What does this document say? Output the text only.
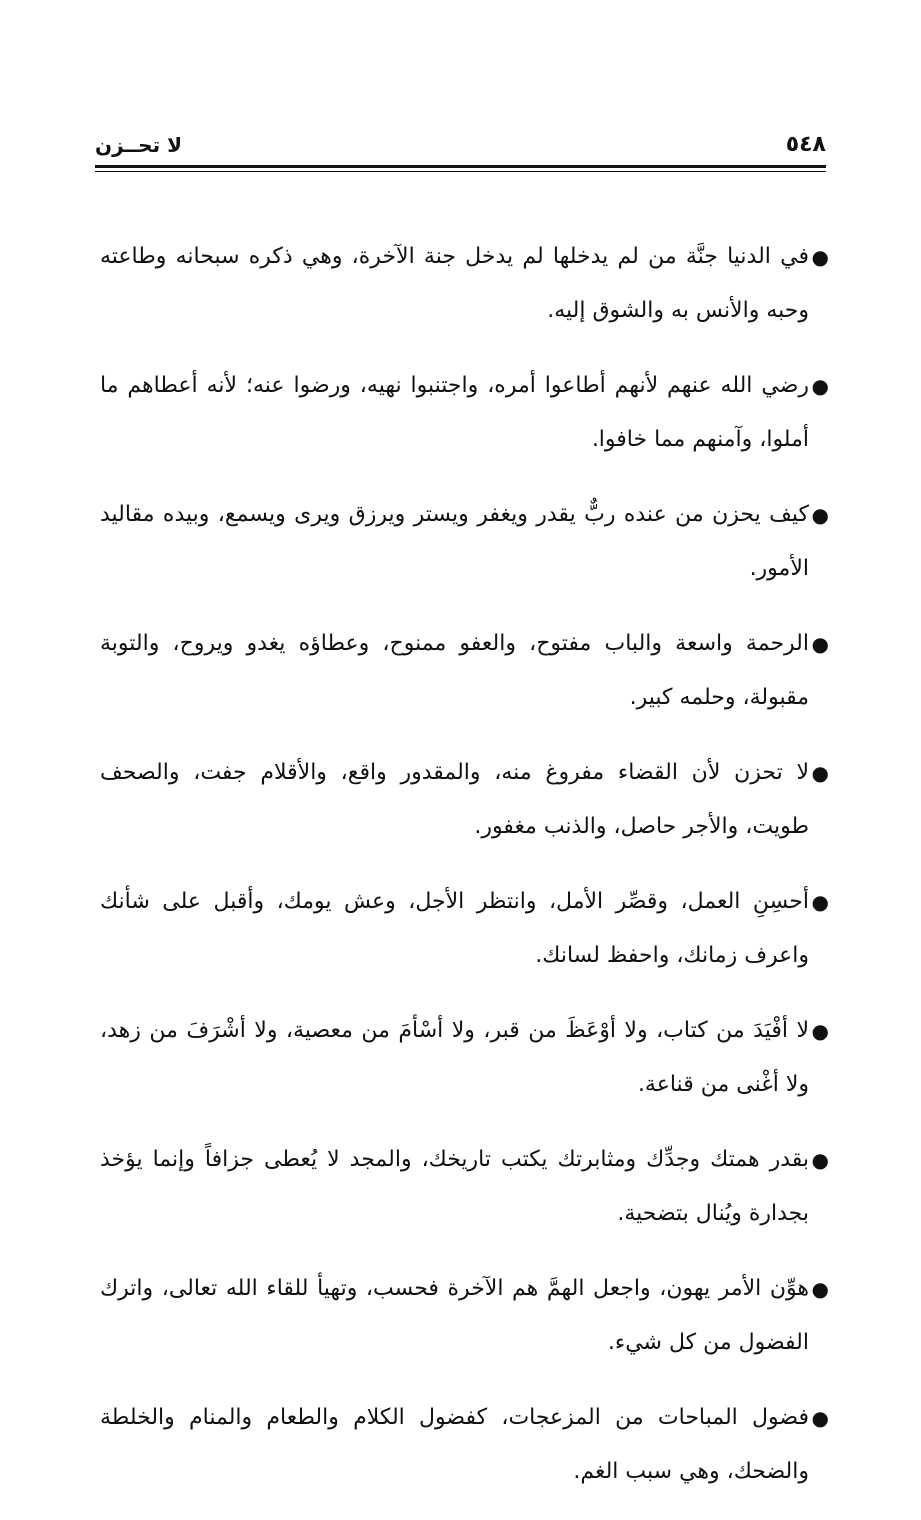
٥٤٨
لا تحــزن
●
في الدنيا جنَّة من لم يدخلها لم يدخل جنة الآخرة، وهي ذكره سبحانه وطاعته وحبه والأنس به والشوق إليه.
●
رضي الله عنهم لأنهم أطاعوا أمره، واجتنبوا نهيه، ورضوا عنه؛ لأنه أعطاهم ما أملوا، وآمنهم مما خافوا.
●
كيف يحزن من عنده ربٌّ يقدر ويغفر ويستر ويرزق ويرى ويسمع، وبيده مقاليد الأمور.
●
الرحمة واسعة والباب مفتوح، والعفو ممنوح، وعطاؤه يغدو ويروح، والتوبة مقبولة، وحلمه كبير.
●
لا تحزن لأن القضاء مفروغ منه، والمقدور واقع، والأقلام جفت، والصحف طويت، والأجر حاصل، والذنب مغفور.
●
أحسِنِ العمل، وقصِّر الأمل، وانتظر الأجل، وعش يومك، وأقبل على شأنك واعرف زمانك، واحفظ لسانك.
●
لا أفْيَدَ من كتاب، ولا أوْعَظَ من قبر، ولا أسْأمَ من معصية، ولا أشْرَفَ من زهد، ولا أغْنى من قناعة.
●
بقدر همتك وجدِّك ومثابرتك يكتب تاريخك، والمجد لا يُعطى جزافاً وإنما يؤخذ بجدارة ويُنال بتضحية.
●
هوِّن الأمر يهون، واجعل الهمَّ هم الآخرة فحسب، وتهيأ للقاء الله تعالى، واترك الفضول من كل شيء.
●
فضول المباحات من المزعجات، كفضول الكلام والطعام والمنام والخلطة والضحك، وهي سبب الغم.
